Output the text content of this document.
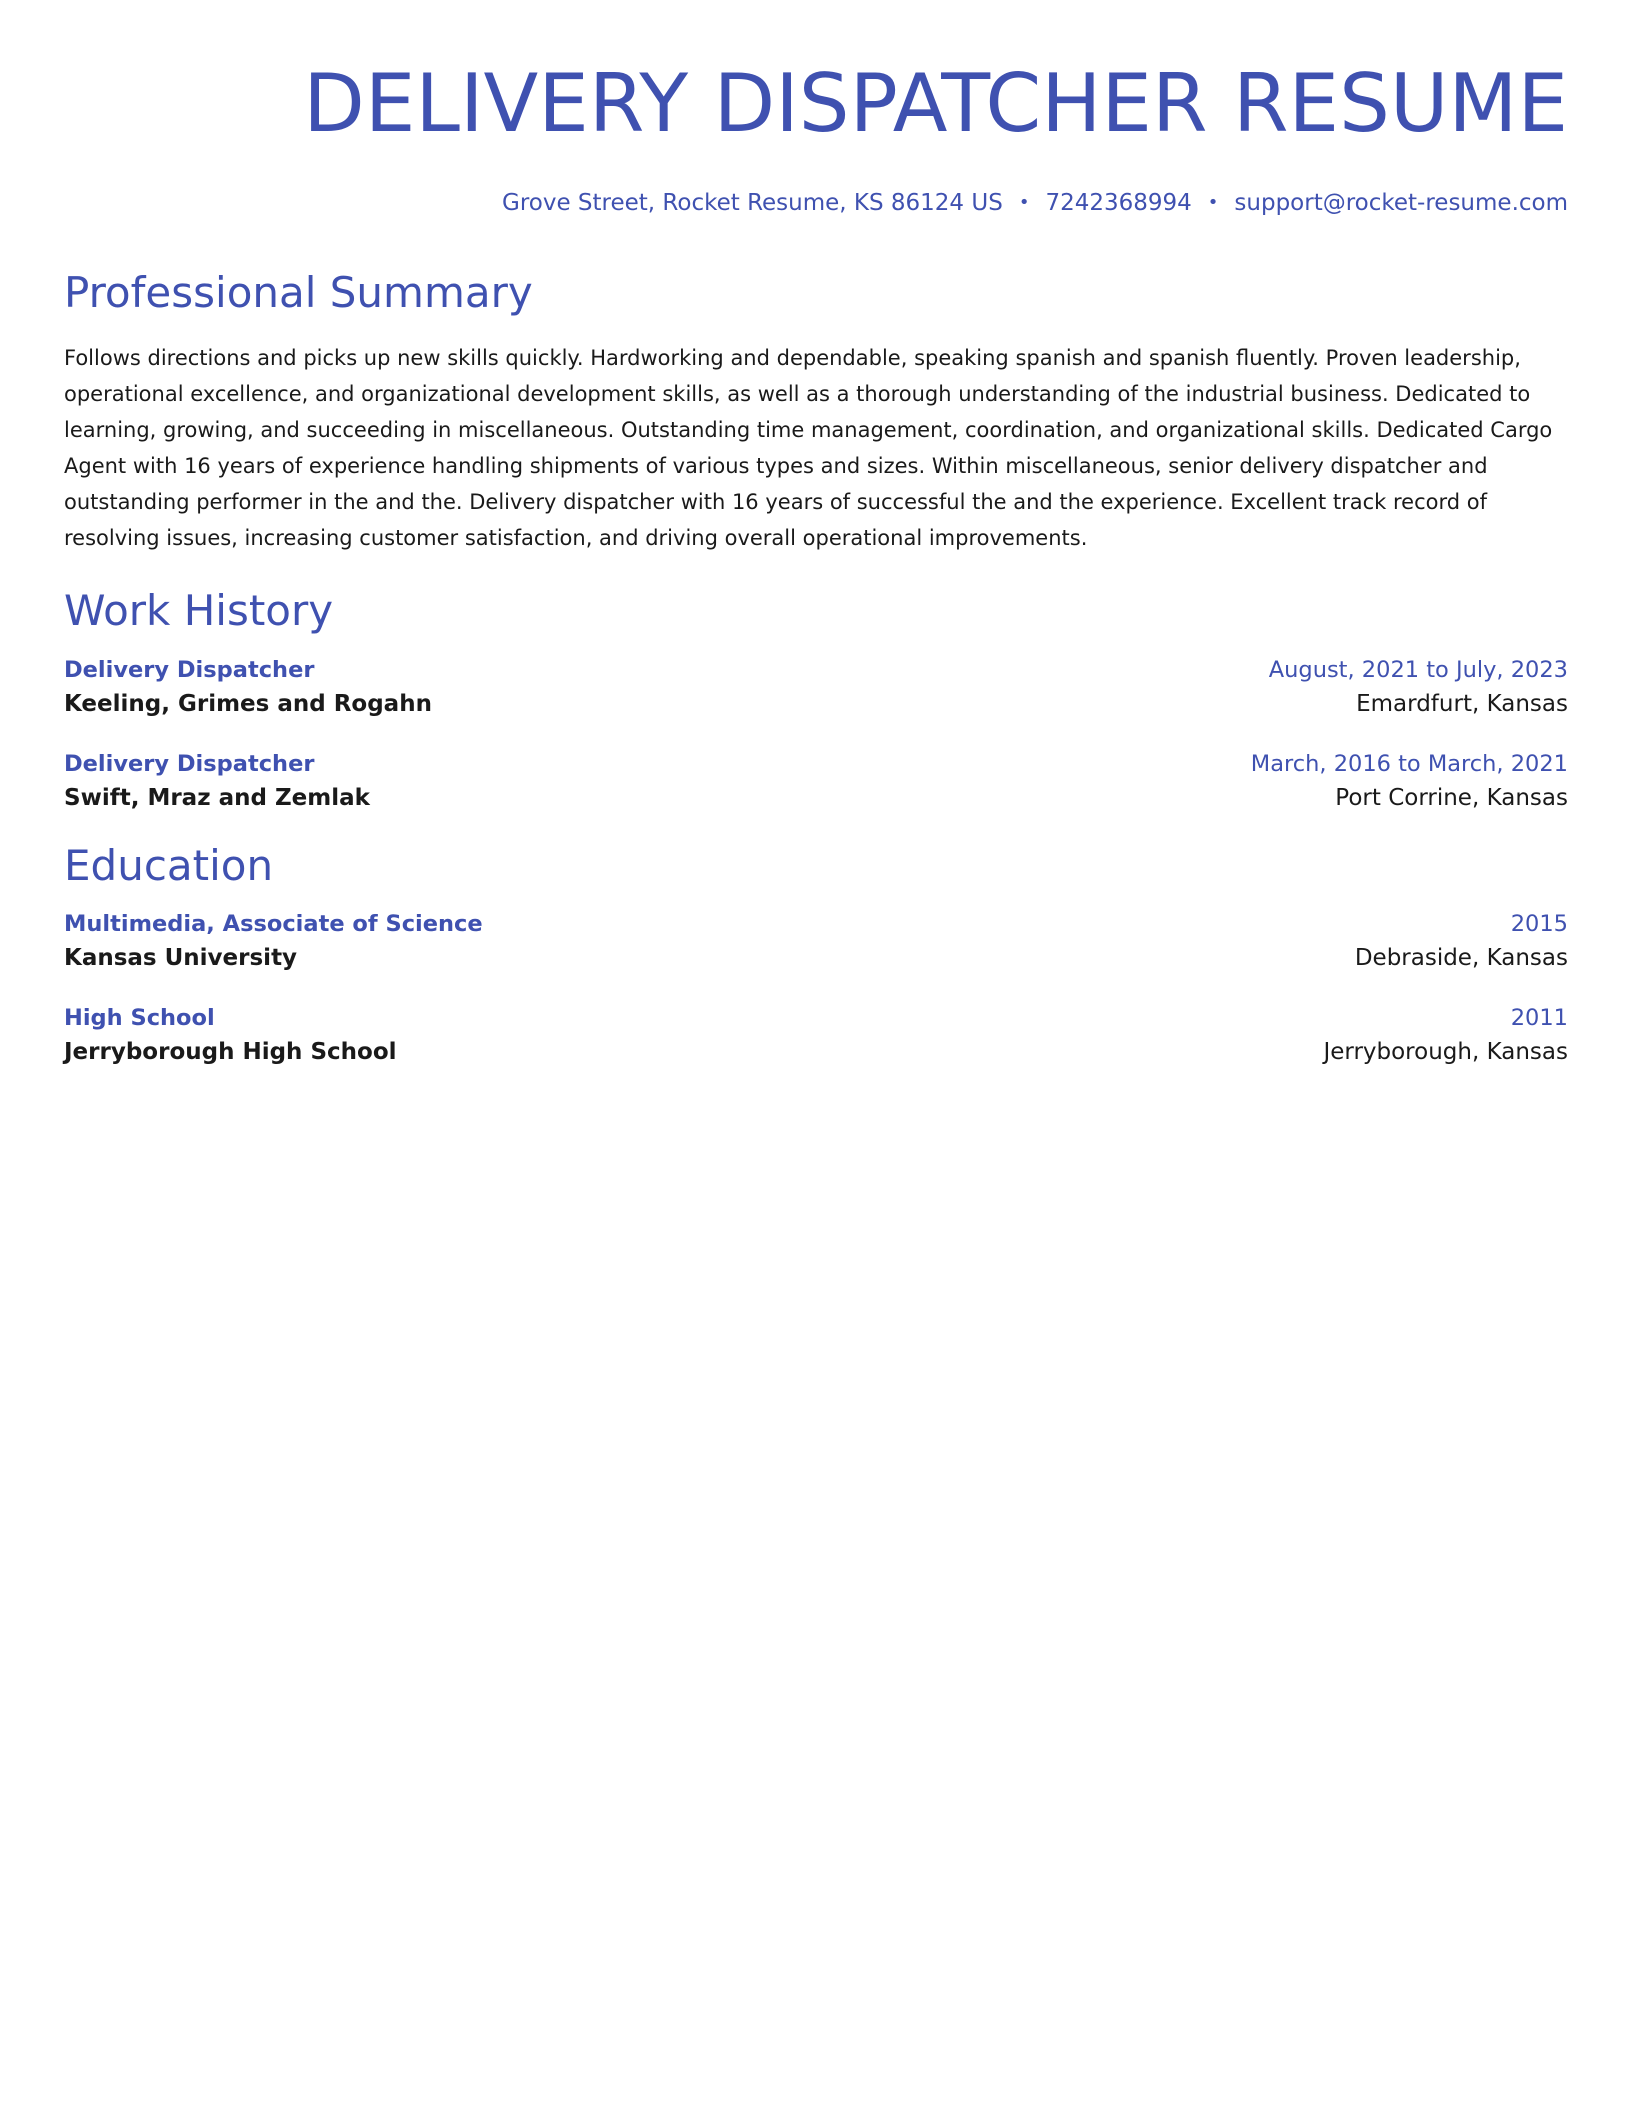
DELIVERY DISPATCHER RESUME
Grove Street, Rocket Resume, KS 86124 US • 7242368994 • support@rocket-resume.com
Professional Summary

Follows directions and picks up new skills quickly. Hardworking and dependable, speaking spanish and spanish fluently. Proven leadership, operational excellence, and organizational development skills, as well as a thorough understanding of the industrial business. Dedicated to learning, growing, and succeeding in miscellaneous. Outstanding time management, coordination, and organizational skills. Dedicated Cargo Agent with 16 years of experience handling shipments of various types and sizes. Within miscellaneous, senior delivery dispatcher and outstanding performer in the and the. Delivery dispatcher with 16 years of successful the and the experience. Excellent track record of resolving issues, increasing customer satisfaction, and driving overall operational improvements.

Work History
Delivery Dispatcher	August, 2021 to July, 2023
Keeling, Grimes and Rogahn	Emardfurt, Kansas
Delivery Dispatcher	March, 2016 to March, 2021
Swift, Mraz and Zemlak	Port Corrine, Kansas
Education
Multimedia, Associate of Science	2015
Kansas University	Debraside, Kansas
High School	2011
Jerryborough High School	Jerryborough, Kansas
